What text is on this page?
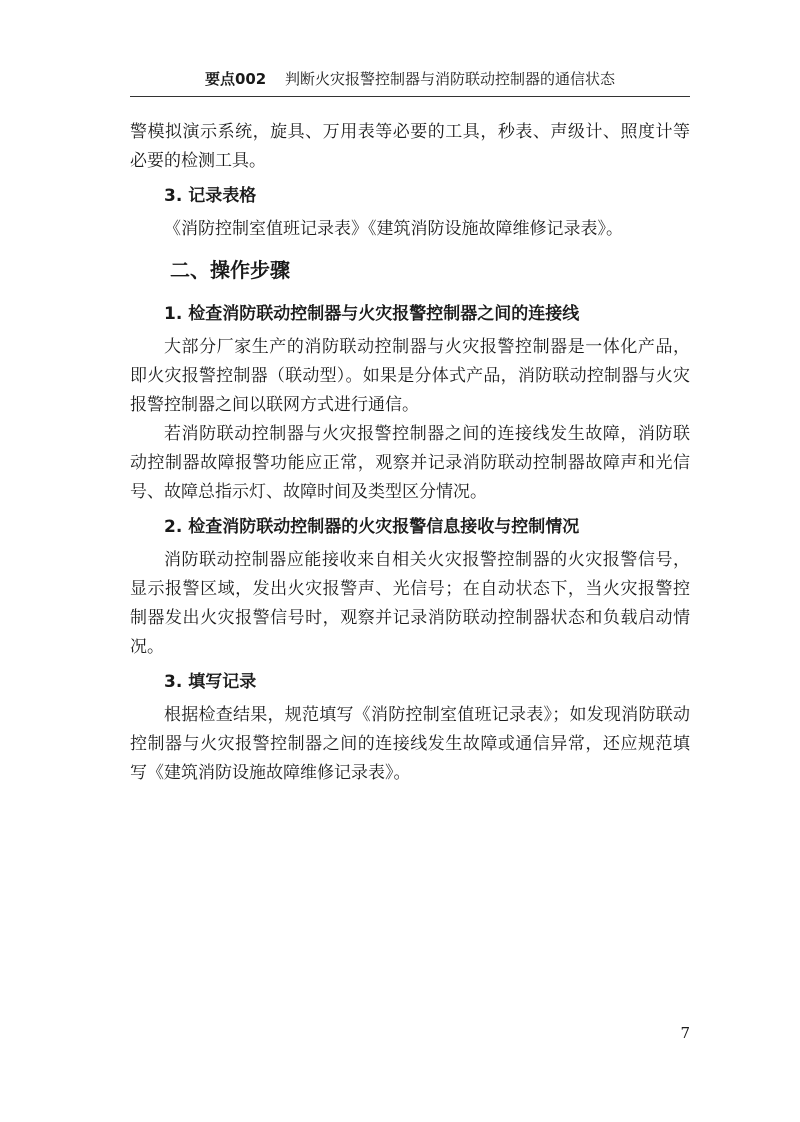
要点002 判断火灾报警控制器与消防联动控制器的通信状态

警模拟演示系统，旋具、万用表等必要的工具，秒表、声级计、照度计等必要的检测工具。

3. 记录表格

《消防控制室值班记录表》《建筑消防设施故障维修记录表》。

二、操作步骤
1. 检查消防联动控制器与火灾报警控制器之间的连接线

大部分厂家生产的消防联动控制器与火灾报警控制器是一体化产品，即火灾报警控制器（联动型）。如果是分体式产品，消防联动控制器与火灾报警控制器之间以联网方式进行通信。

若消防联动控制器与火灾报警控制器之间的连接线发生故障，消防联动控制器故障报警功能应正常，观察并记录消防联动控制器故障声和光信号、故障总指示灯、故障时间及类型区分情况。

2. 检查消防联动控制器的火灾报警信息接收与控制情况

消防联动控制器应能接收来自相关火灾报警控制器的火灾报警信号，显示报警区域，发出火灾报警声、光信号；在自动状态下，当火灾报警控制器发出火灾报警信号时，观察并记录消防联动控制器状态和负载启动情况。

3. 填写记录

根据检查结果，规范填写《消防控制室值班记录表》；如发现消防联动控制器与火灾报警控制器之间的连接线发生故障或通信异常，还应规范填写《建筑消防设施故障维修记录表》。

7
